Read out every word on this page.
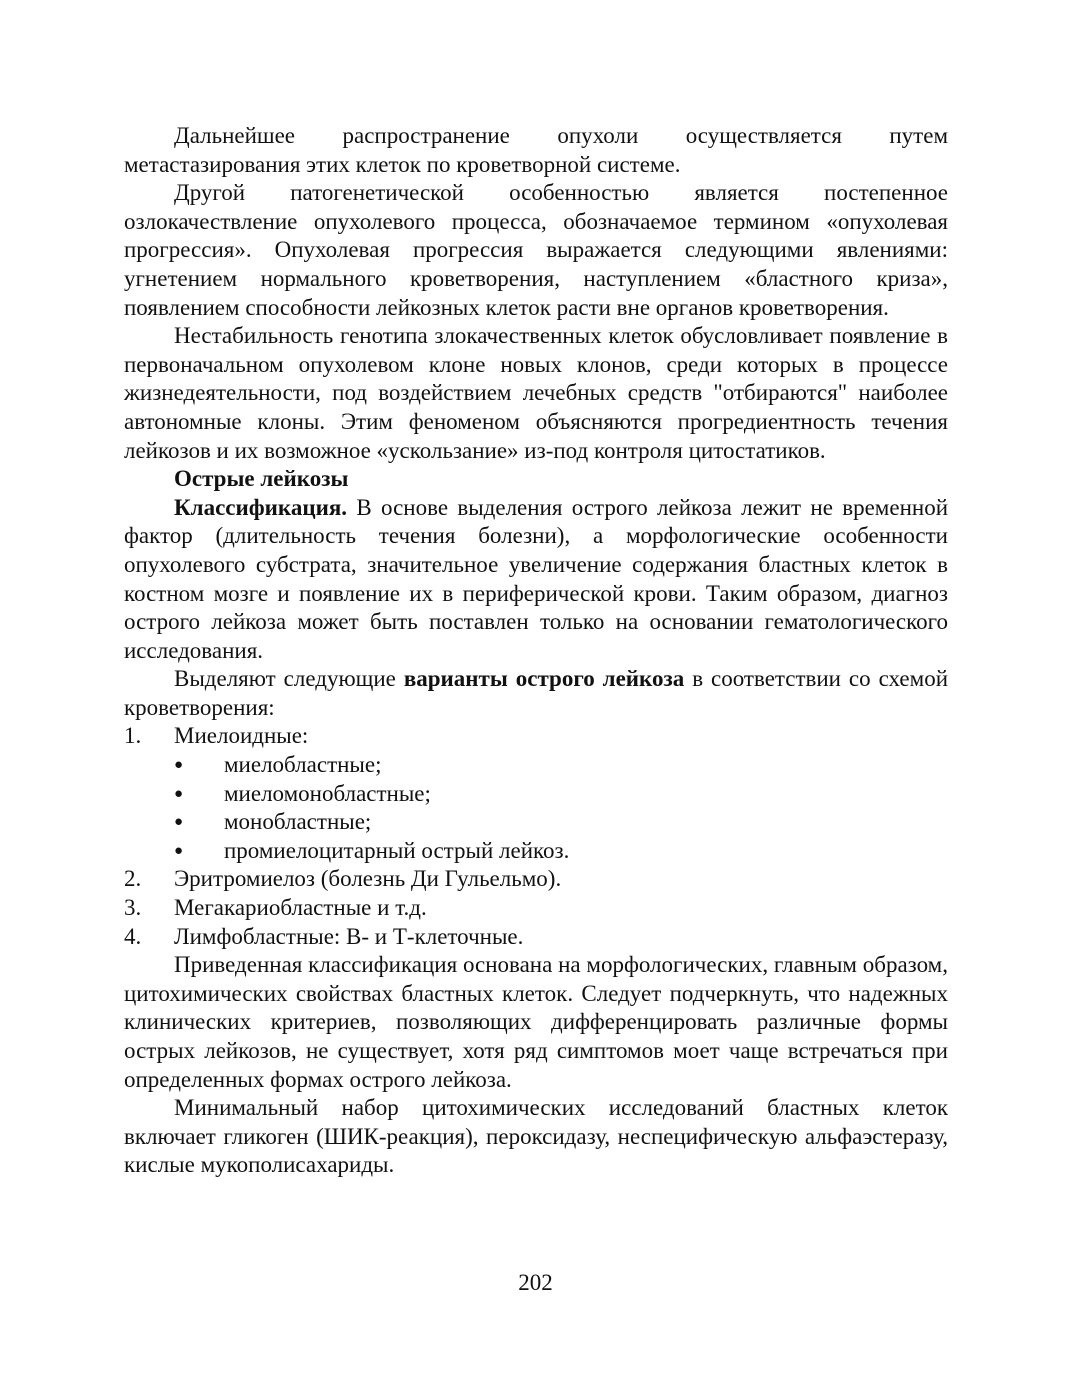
Дальнейшее распространение опухоли осуществляется путем метастазирования этих клеток по кроветворной системе.

Другой патогенетической особенностью является постепенное озлокачествление опухолевого процесса, обозначаемое термином «опухолевая прогрессия». Опухолевая прогрессия выражается следующими явлениями: угнетением нормального кроветворения, наступлением «бластного криза», появлением способности лейкозных клеток расти вне органов кроветворения.

Нестабильность генотипа злокачественных клеток обусловливает появление в первоначальном опухолевом клоне новых клонов, среди которых в процессе жизнедеятельности, под воздействием лечебных средств "отбираются" наиболее автономные клоны. Этим феноменом объясняются прогредиентность течения лейкозов и их возможное «ускользание» из-под контроля цитостатиков.

Острые лейкозы

Классификация. В основе выделения острого лейкоза лежит не временной фактор (длительность течения болезни), а морфологические особенности опухолевого субстрата, значительное увеличение содержания бластных клеток в костном мозге и появление их в периферической крови. Таким образом, диагноз острого лейкоза может быть поставлен только на основании гематологического исследования.

Выделяют следующие варианты острого лейкоза в соответствии со схемой кроветворения:

1.	Миелоидные:
●	миелобластные;
●	миеломонобластные;
●	монобластные;
●	промиелоцитарный острый лейкоз.
2.	Эритромиелоз (болезнь Ди Гульельмо).
3.	Мегакариобластные и т.д.
4.	Лимфобластные: В- и Т-клеточные.

Приведенная классификация основана на морфологических, главным образом, цитохимических свойствах бластных клеток. Следует подчеркнуть, что надежных клинических критериев, позволяющих дифференцировать различные формы острых лейкозов, не существует, хотя ряд симптомов моет чаще встречаться при определенных формах острого лейкоза.

Минимальный набор цитохимических исследований бластных клеток включает гликоген (ШИК-реакция), пероксидазу, неспецифическую альфаэстеразу, кислые мукополисахариды.

202
